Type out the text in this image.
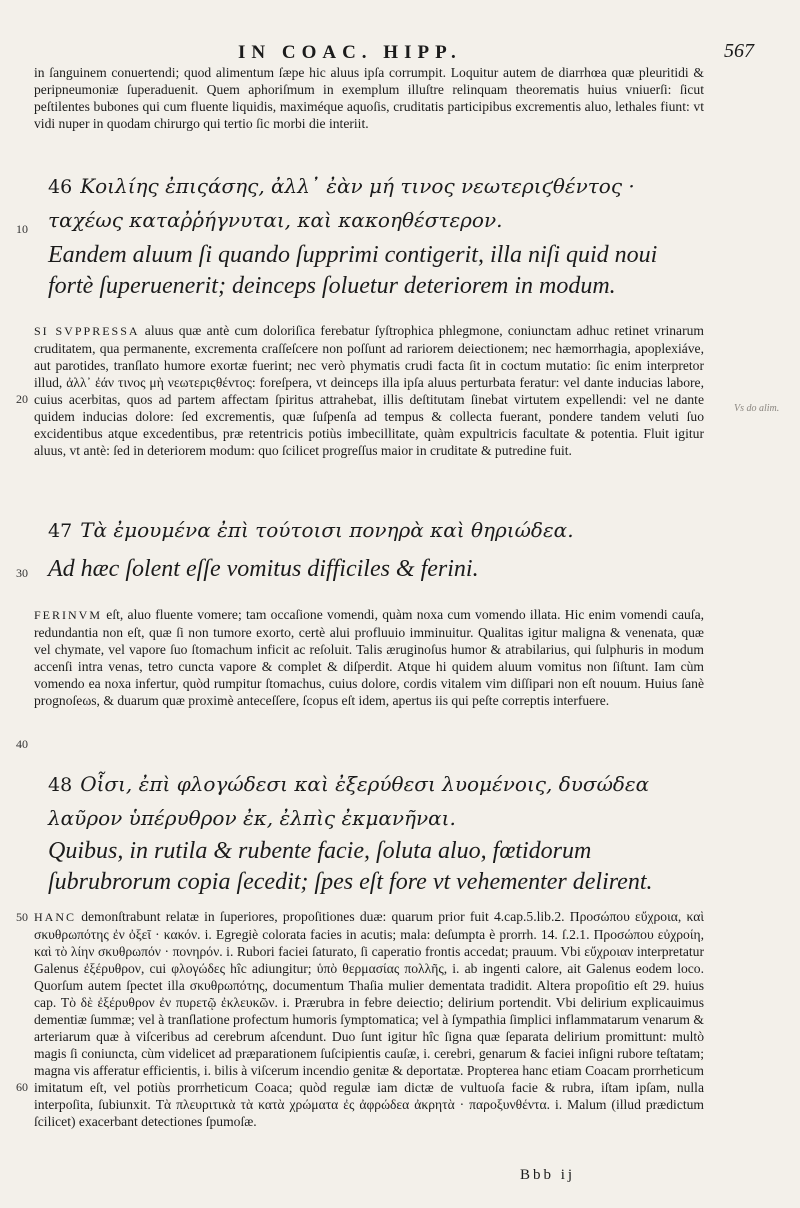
IN COAC. HIPP.	567

in ſanguinem conuertendi; quod alimentum ſæpe hic aluus ipſa corrumpit. Loquitur autem de diarrhœa quæ pleuritidi & peripneumoniæ ſuperaduenit. Quem aphoriſmum in exemplum illuſtre relinquam theorematis huius vniuerſi: ſicut peſtilentes bubones qui cum fluente liquidis, maximéque aquoſis, cruditatis participibus excrementis aluo, lethales fiunt: vt vidi nuper in quodam chirurgo qui tertio ſic morbi die interiit.

46 Κοιλίης ἐπιςάσης, ἀλλ᾽ ἐὰν μή τινος νεωτεριϛθέντος · ταχέως καταῤῥήγνυται, καὶ κακοηθέστερον.
Eandem aluum ſi quando ſupprimi contigerit, illa niſi quid noui fortè ſuperuenerit; deinceps ſoluetur deteriorem in modum.

SI SVPPRESSA aluus quæ antè cum doloriſica ferebatur ſyſtrophica phlegmone, coniunctam adhuc retinet vrinarum cruditatem, qua permanente, excrementa craſſeſcere non poſſunt ad rariorem deiectionem; nec hæmorrhagia, apoplexiáve, aut parotides, tranſlato humore exortæ fuerint; nec verò phymatis crudi facta ſit in coctum mutatio: ſic enim interpretor illud, ἀλλ᾽ ἐάν τινος μὴ νεωτεριϛθέντος: foreſpera, vt deinceps illa ipſa aluus perturbata feratur: vel dante inducias labore, cuius acerbitas, quos ad partem affectam ſpiritus attrahebat, illis deſtitutam ſinebat virtutem expellendi: vel ne dante quidem inducias dolore: ſed excrementis, quæ ſuſpenſa ad tempus & collecta fuerant, pondere tandem veluti ſuo excidentibus atque excedentibus, præ retentricis potiùs imbecillitate, quàm expultricis facultate & potentia. Fluit igitur aluus, vt antè: ſed in deteriorem modum: quo ſcilicet progreſſus maior in cruditate & putredine fuit.

47 Τὰ ἐμουμένα ἐπὶ τούτοισι πονηρὰ καὶ θηριώδεα.
Ad hæc ſolent eſſe vomitus difficiles & ferini.

FERINVM eſt, aluo fluente vomere; tam occaſione vomendi, quàm noxa cum vomendo illata. Hic enim vomendi cauſa, redundantia non eſt, quæ ſi non tumore exorto, certè alui profluuio imminuitur. Qualitas igitur maligna & venenata, quæ vel chymate, vel vapore ſuo ſtomachum inficit ac reſoluit. Talis æruginoſus humor & atrabilarius, qui ſulphuris in modum accenſi intra venas, tetro cuncta vapore & complet & diſperdit. Atque hi quidem aluum vomitus non ſiſtunt. Iam cùm vomendo ea noxa infertur, quòd rumpitur ſtomachus, cuius dolore, cordis vitalem vim diſſipari non eſt nouum. Huius ſanè prognoſeωs, & duarum quæ proximè anteceſſere, ſcopus eſt idem, apertus iis qui peſte correptis interfuere.

48 Οἷσι, ἐπὶ φλογώδεσι καὶ ἐξερύθεσι λυομένοις, δυσώδεα λαῦρον ὑπέρυθρον ἐκ, ἐλπὶς ἐκμανῆναι.
Quibus, in rutila & rubente facie, ſoluta aluo, fœtidorum ſubrubrorum copia ſecedit; ſpes eſt fore vt vehementer delirent.

HANC demonſtrabunt relatæ in ſuperiores, propoſitiones duæ: quarum prior fuit 4.cap.5.lib.2. Προσώπου εὔχροια, καὶ σκυθρωπότης ἐν ὀξεῖ · κακόν. i. Egregiè colorata facies in acutis; mala: deſumpta è prorrh. 14. ſ.2.1. Προσώπου εὐχροίη, καὶ τὸ λίην σκυθρωπόν · πονηρόν. i. Rubori faciei ſaturato, ſi caperatio frontis accedat; prauum. Vbi εὔχροιαν interpretatur Galenus ἐξέρυθρον, cui φλογώδες hîc adiungitur; ὑπὸ θερμασίας πολλῆς, i. ab ingenti calore, ait Galenus eodem loco. Quorſum autem ſpectet illa σκυθρωπότης, documentum Thaſia mulier dementata tradidit. Altera propoſitio eſt 29. huius cap. Τὸ δὲ ἐξέρυθρον ἐν πυρετῷ ἐκλευκῶν. i. Prærubra in febre deiectio; delirium portendit. Vbi delirium explicauimus dementiæ ſummæ; vel à tranſlatione profectum humoris ſymptomatica; vel à ſympathia ſimplici inflammatarum venarum & arteriarum quæ à viſceribus ad cerebrum aſcendunt. Duo ſunt igitur hîc ſigna quæ ſeparata delirium promittunt: multò magis ſi coniuncta, cùm videlicet ad præparationem ſuſcipientis cauſæ, i. cerebri, genarum & faciei inſigni rubore teſtatam; magna vis afferatur efficientis, i. bilis à viſcerum incendio genitæ & deportatæ. Propterea hanc etiam Coacam prorrheticum imitatum eſt, vel potiùs prorrheticum Coaca; quòd regulæ iam dictæ de vultuoſa facie & rubra, iſtam ipſam, nulla interpoſita, ſubiunxit. Τὰ πλευριτικὰ τὰ κατὰ χρώματα ἐς ἀφρώδεα ἀκρητὰ · παροξυνθέντα. i. Malum (illud prædictum ſcilicet) exacerbant detectiones ſpumoſæ.

10
20
30
40
50
60
Vs do alim.
Bbb ij
